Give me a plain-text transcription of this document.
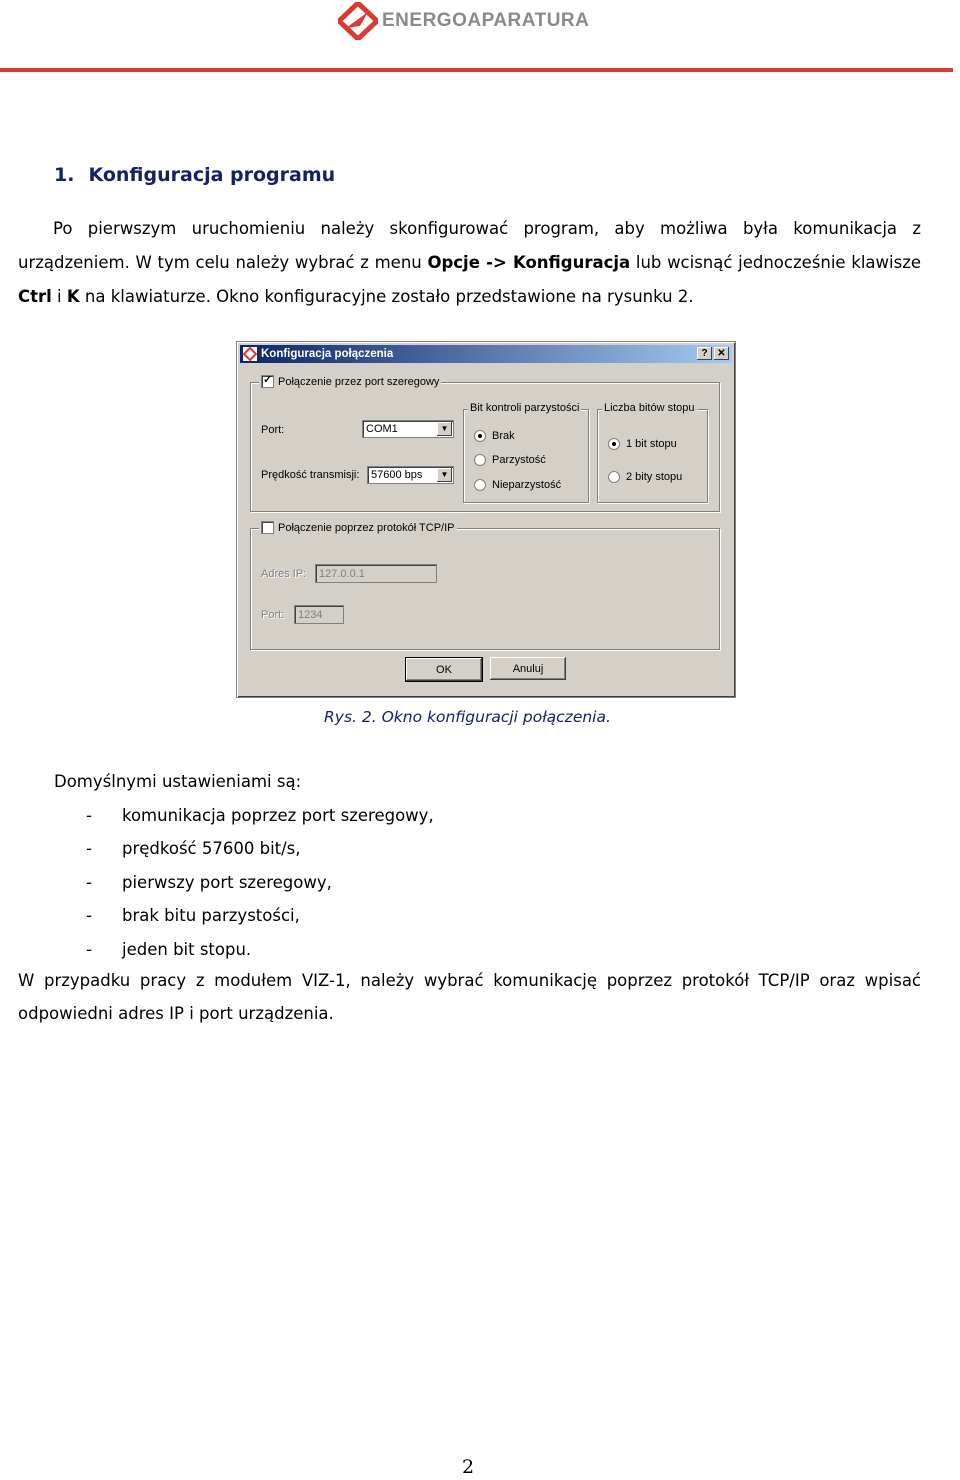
ENERGOAPARATURA
1. Konfiguracja programu
Po pierwszym uruchomieniu należy skonfigurować program, aby możliwa była komunikacja z urządzeniem. W tym celu należy wybrać z menu Opcje -> Konfiguracja lub wcisnąć jednocześnie klawisze Ctrl i K na klawiaturze. Okno konfiguracyjne zostało przedstawione na rysunku 2.
Konfiguracja połączenia	? ✕
✓
Połączenie przez port szeregowy
Port:	COM1	▼
Prędkość transmisji: 57600 bps	▼
Bit kontroli parzystości
Brak
Parzystość
Nieparzystość
Liczba bitów stopu
1 bit stopu
2 bity stopu
Połączenie poprzez protokół TCP/IP
Adres IP: 127.0.0.1
Port: 1234
OK	Anuluj
Rys. 2. Okno konfiguracji połączenia.
Domyślnymi ustawieniami są:
-	komunikacja poprzez port szeregowy,
-	prędkość 57600 bit/s,
-	pierwszy port szeregowy,
-	brak bitu parzystości,
-	jeden bit stopu.
W przypadku pracy z modułem VIZ-1, należy wybrać komunikację poprzez protokół TCP/IP oraz wpisać odpowiedni adres IP i port urządzenia.
2
